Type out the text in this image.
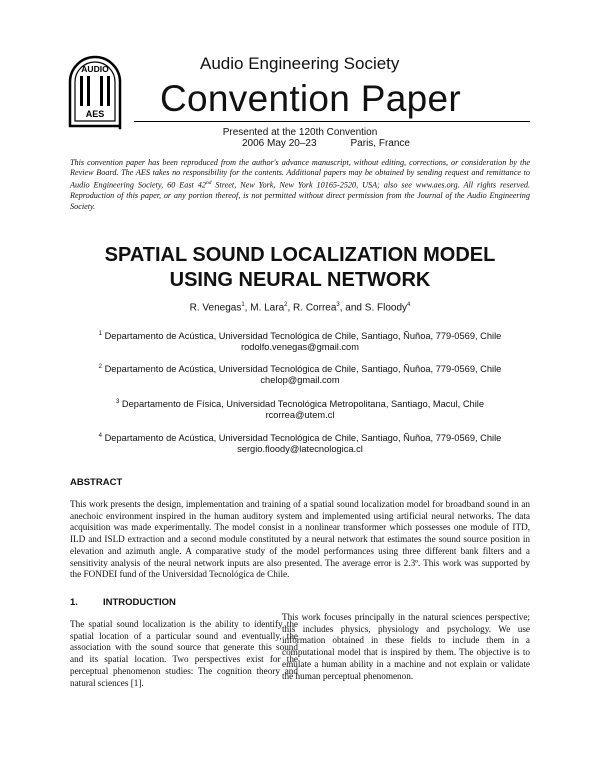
AUDIO
AES
Audio Engineering Society
Convention Paper
Presented at the 120th Convention
2006 May 20–23	Paris, France
This convention paper has been reproduced from the author's advance manuscript, without editing, corrections, or consideration by the Review Board. The AES takes no responsibility for the contents. Additional papers may be obtained by sending request and remittance to Audio Engineering Society, 60 East 42nd Street, New York, New York 10165-2520, USA; also see www.aes.org. All rights reserved. Reproduction of this paper, or any portion thereof, is not permitted without direct permission from the Journal of the Audio Engineering Society.
SPATIAL SOUND LOCALIZATION MODEL
USING NEURAL NETWORK
R. Venegas$^1$, M. Lara$^2$, R. Correa$^3$, and S. Floody$^4$
$^1$ Departamento de Acústica, Universidad Tecnológica de Chile, Santiago, Ñuñoa, 779-0569, Chile
rodolfo.venegas@gmail.com
$^2$ Departamento de Acústica, Universidad Tecnológica de Chile, Santiago, Ñuñoa, 779-0569, Chile
chelop@gmail.com
$^3$ Departamento de Física, Universidad Tecnológica Metropolitana, Santiago, Macul, Chile
rcorrea@utem.cl
$^4$ Departamento de Acústica, Universidad Tecnológica de Chile, Santiago, Ñuñoa, 779-0569, Chile
sergio.floody@latecnologica.cl
ABSTRACT
This work presents the design, implementation and training of a spatial sound localization model for broadband sound in an anechoic environment inspired in the human auditory system and implemented using artificial neural networks. The data acquisition was made experimentally. The model consist in a nonlinear transformer which possesses one module of ITD, ILD and ISLD extraction and a second module constituted by a neural network that estimates the sound source position in elevation and azimuth angle. A comparative study of the model performances using three different bank filters and a sensitivity analysis of the neural network inputs are also presented. The average error is 2.3º. This work was supported by the FONDEI fund of the Universidad Tecnológica de Chile.
1.	INTRODUCTION
The spatial sound localization is the ability to identify the spatial location of a particular sound and eventually, the association with the sound source that generate this sound and its spatial location. Two perspectives exist for the perceptual phenomenon studies: The cognition theory and natural sciences [1].
This work focuses principally in the natural sciences perspective; this includes physics, physiology and psychology. We use information obtained in these fields to include them in a computational model that is inspired by them. The objective is to emulate a human ability in a machine and not explain or validate the human perceptual phenomenon.
